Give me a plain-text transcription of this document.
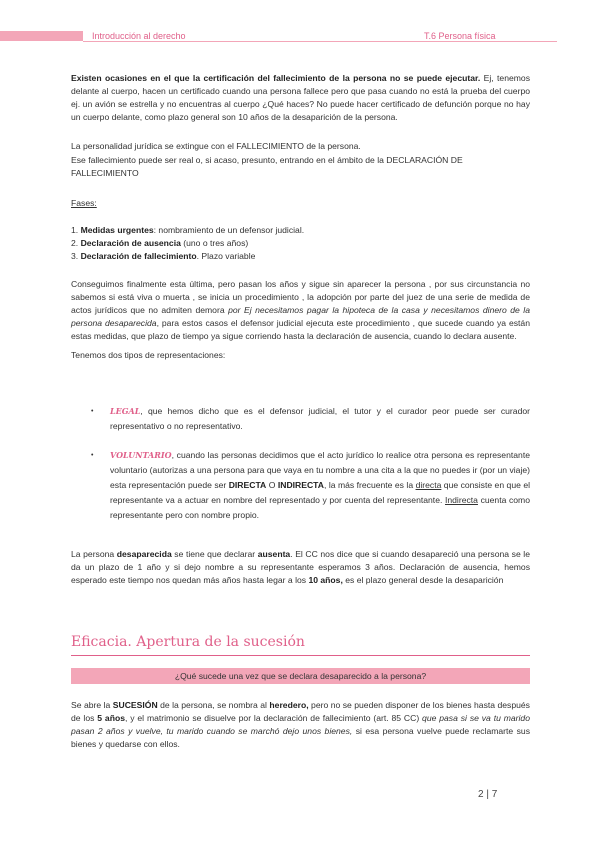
Introducción al derecho	T.6 Persona física
Existen ocasiones en el que la certificación del fallecimiento de la persona no se puede ejecutar. Ej, tenemos delante al cuerpo, hacen un certificado cuando una persona fallece pero que pasa cuando no está la prueba del cuerpo ej. un avión se estrella y no encuentras al cuerpo ¿Qué haces? No puede hacer certificado de defunción porque no hay un cuerpo delante, como plazo general son 10 años de la desaparición de la persona.
La personalidad jurídica se extingue con el FALLECIMIENTO de la persona.
Ese fallecimiento puede ser real o, si acaso, presunto, entrando en el ámbito de la DECLARACIÓN DE FALLECIMIENTO
Fases:
1. Medidas urgentes: nombramiento de un defensor judicial.
2. Declaración de ausencia (uno o tres años)
3. Declaración de fallecimiento. Plazo variable
Conseguimos finalmente esta última, pero pasan los años y sigue sin aparecer la persona , por sus circunstancia no sabemos si está viva o muerta , se inicia un procedimiento , la adopción por parte del juez de una serie de medida de actos jurídicos que no admiten demora por Ej necesitamos pagar la hipoteca de la casa y necesitamos dinero de la persona desaparecida, para estos casos el defensor judicial ejecuta este procedimiento , que sucede cuando ya están estas medidas, que plazo de tiempo ya sigue corriendo hasta la declaración de ausencia, cuando lo declara ausente.
Tenemos dos tipos de representaciones:
• LEGAL, que hemos dicho que es el defensor judicial, el tutor y el curador peor puede ser curador representativo o no representativo.
• VOLUNTARIO, cuando las personas decidimos que el acto jurídico lo realice otra persona es representante voluntario (autorizas a una persona para que vaya en tu nombre a una cita a la que no puedes ir (por un viaje) esta representación puede ser DIRECTA O INDIRECTA, la más frecuente es la directa que consiste en que el representante va a actuar en nombre del representado y por cuenta del representante. Indirecta cuenta como representante pero con nombre propio.
La persona desaparecida se tiene que declarar ausenta. El CC nos dice que si cuando desapareció una persona se le da un plazo de 1 año y si dejo nombre a su representante esperamos 3 años. Declaración de ausencia, hemos esperado este tiempo nos quedan más años hasta legar a los 10 años, es el plazo general desde la desaparición
Eficacia. Apertura de la sucesión
¿Qué sucede una vez que se declara desaparecido a la persona?
Se abre la SUCESIÓN de la persona, se nombra al heredero, pero no se pueden disponer de los bienes hasta después de los 5 años, y el matrimonio se disuelve por la declaración de fallecimiento (art. 85 CC) que pasa si se va tu marido pasan 2 años y vuelve, tu marido cuando se marchó dejo unos bienes, si esa persona vuelve puede reclamarte sus bienes y quedarse con ellos.
2 | 7
